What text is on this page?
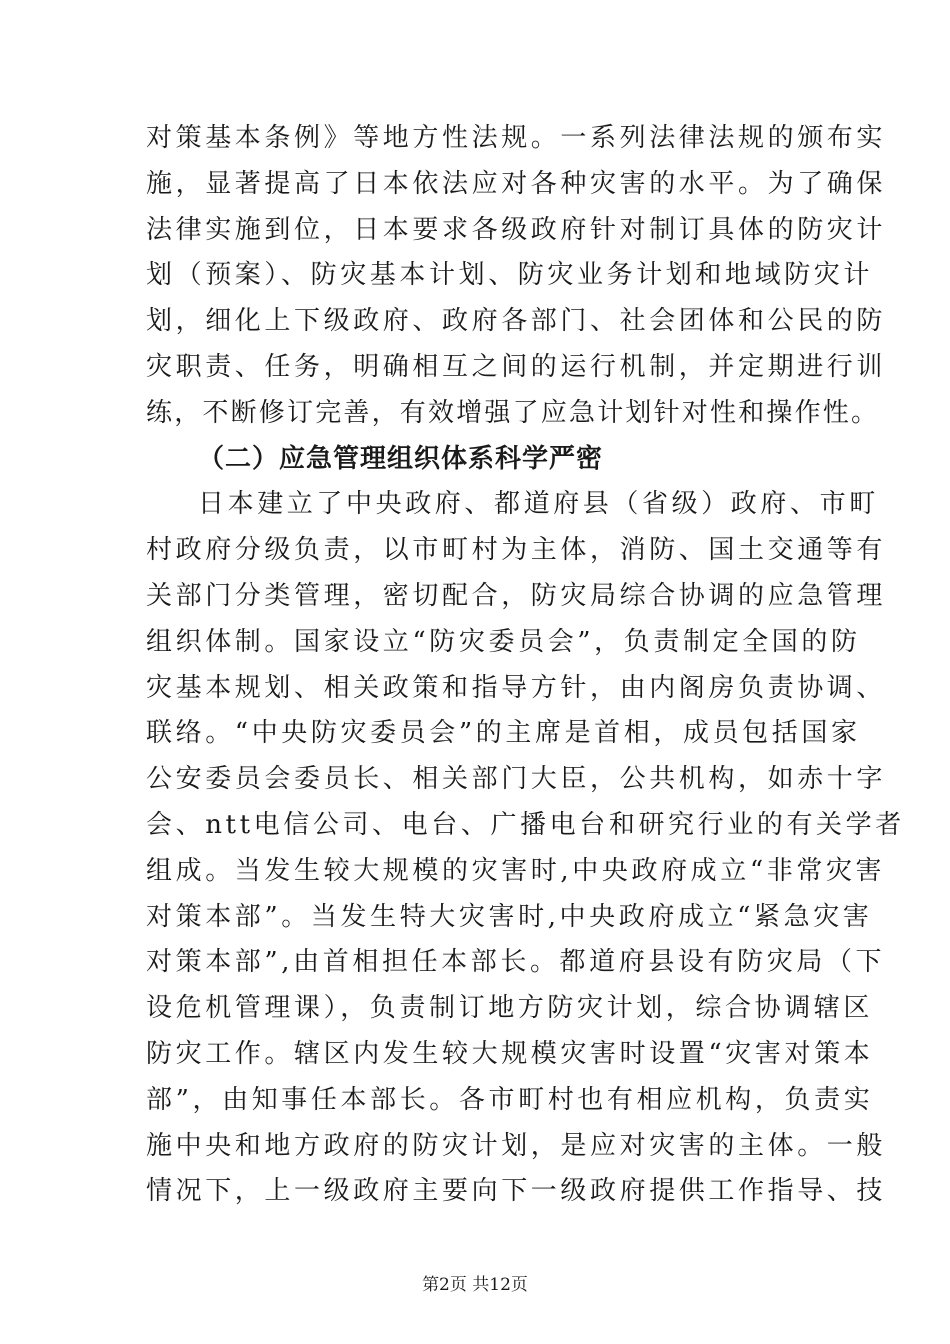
对策基本条例》等地方性法规。一系列法律法规的颁布实
施，显著提高了日本依法应对各种灾害的水平。为了确保
法律实施到位，日本要求各级政府针对制订具体的防灾计
划（预案）、防灾基本计划、防灾业务计划和地域防灾计
划，细化上下级政府、政府各部门、社会团体和公民的防
灾职责、任务，明确相互之间的运行机制，并定期进行训
练，不断修订完善，有效增强了应急计划针对性和操作性。
（二）应急管理组织体系科学严密
日本建立了中央政府、都道府县（省级）政府、市町
村政府分级负责，以市町村为主体，消防、国土交通等有
关部门分类管理，密切配合，防灾局综合协调的应急管理
组织体制。国家设立“防灾委员会”，负责制定全国的防
灾基本规划、相关政策和指导方针，由内阁房负责协调、
联络。“中央防灾委员会”的主席是首相，成员包括国家
公安委员会委员长、相关部门大臣，公共机构，如赤十字
会、ntt电信公司、电台、广播电台和研究行业的有关学者
组成。当发生较大规模的灾害时,中央政府成立“非常灾害
对策本部”。当发生特大灾害时,中央政府成立“紧急灾害
对策本部”,由首相担任本部长。都道府县设有防灾局（下
设危机管理课），负责制订地方防灾计划，综合协调辖区
防灾工作。辖区内发生较大规模灾害时设置“灾害对策本
部”，由知事任本部长。各市町村也有相应机构，负责实
施中央和地方政府的防灾计划，是应对灾害的主体。一般
情况下，上一级政府主要向下一级政府提供工作指导、技
第2页 共12页
